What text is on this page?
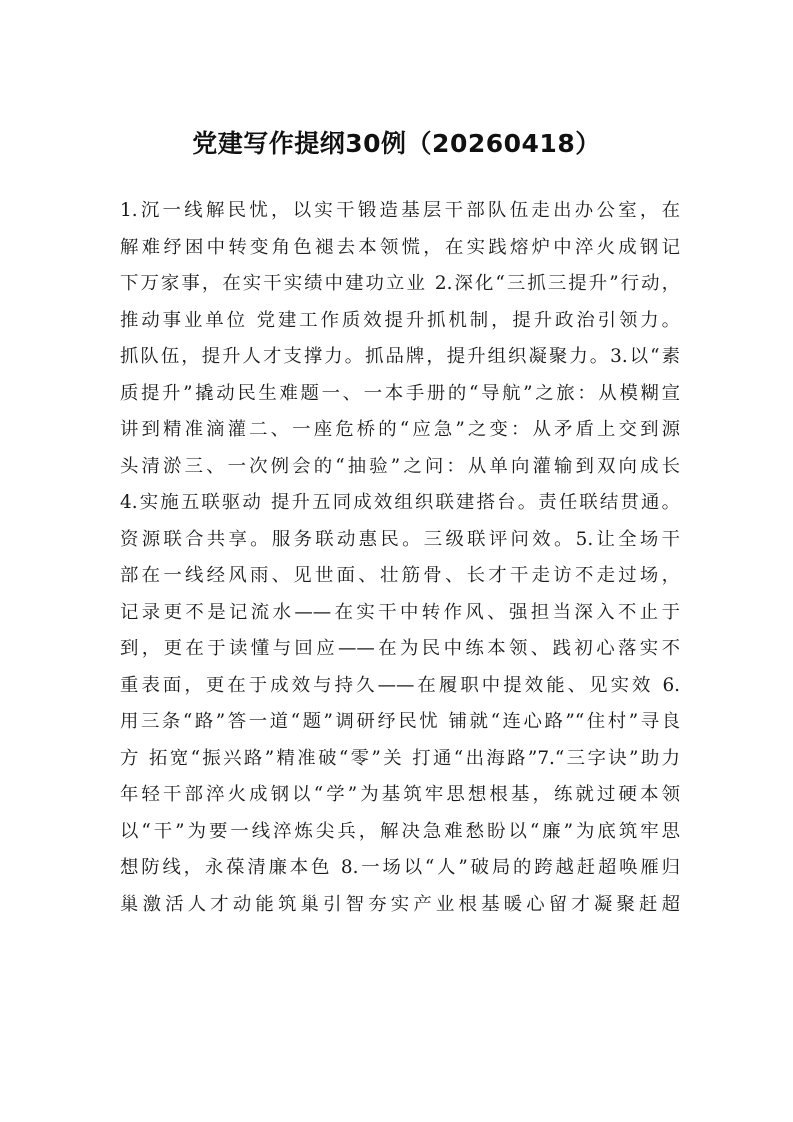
党建写作提纲30例（20260418）
1.沉一线解民忧，以实干锻造基层干部队伍走出办公室，在
解难纾困中转变角色褪去本领慌，在实践熔炉中淬火成钢记
下万家事，在实干实绩中建功立业 2.深化“三抓三提升”行动，
推动事业单位 党建工作质效提升抓机制，提升政治引领力。
抓队伍，提升人才支撑力。抓品牌，提升组织凝聚力。3.以“素
质提升”撬动民生难题一、一本手册的“导航”之旅：从模糊宣
讲到精准滴灌二、一座危桥的“应急”之变：从矛盾上交到源
头清淤三、一次例会的“抽验”之问：从单向灌输到双向成长
4.实施五联驱动 提升五同成效组织联建搭台。责任联结贯通。
资源联合共享。服务联动惠民。三级联评问效。5.让全场干
部在一线经风雨、见世面、壮筋骨、长才干走访不走过场，
记录更不是记流水——在实干中转作风、强担当深入不止于
到，更在于读懂与回应——在为民中练本领、践初心落实不
重表面，更在于成效与持久——在履职中提效能、见实效 6.
用三条“路”答一道“题”调研纾民忧 铺就“连心路”“住村”寻良
方 拓宽“振兴路”精准破“零”关 打通“出海路”7.“三字诀”助力
年轻干部淬火成钢以“学”为基筑牢思想根基，练就过硬本领
以“干”为要一线淬炼尖兵，解决急难愁盼以“廉”为底筑牢思
想防线，永葆清廉本色 8.一场以“人”破局的跨越赶超唤雁归
巢激活人才动能筑巢引智夯实产业根基暖心留才凝聚赶超
